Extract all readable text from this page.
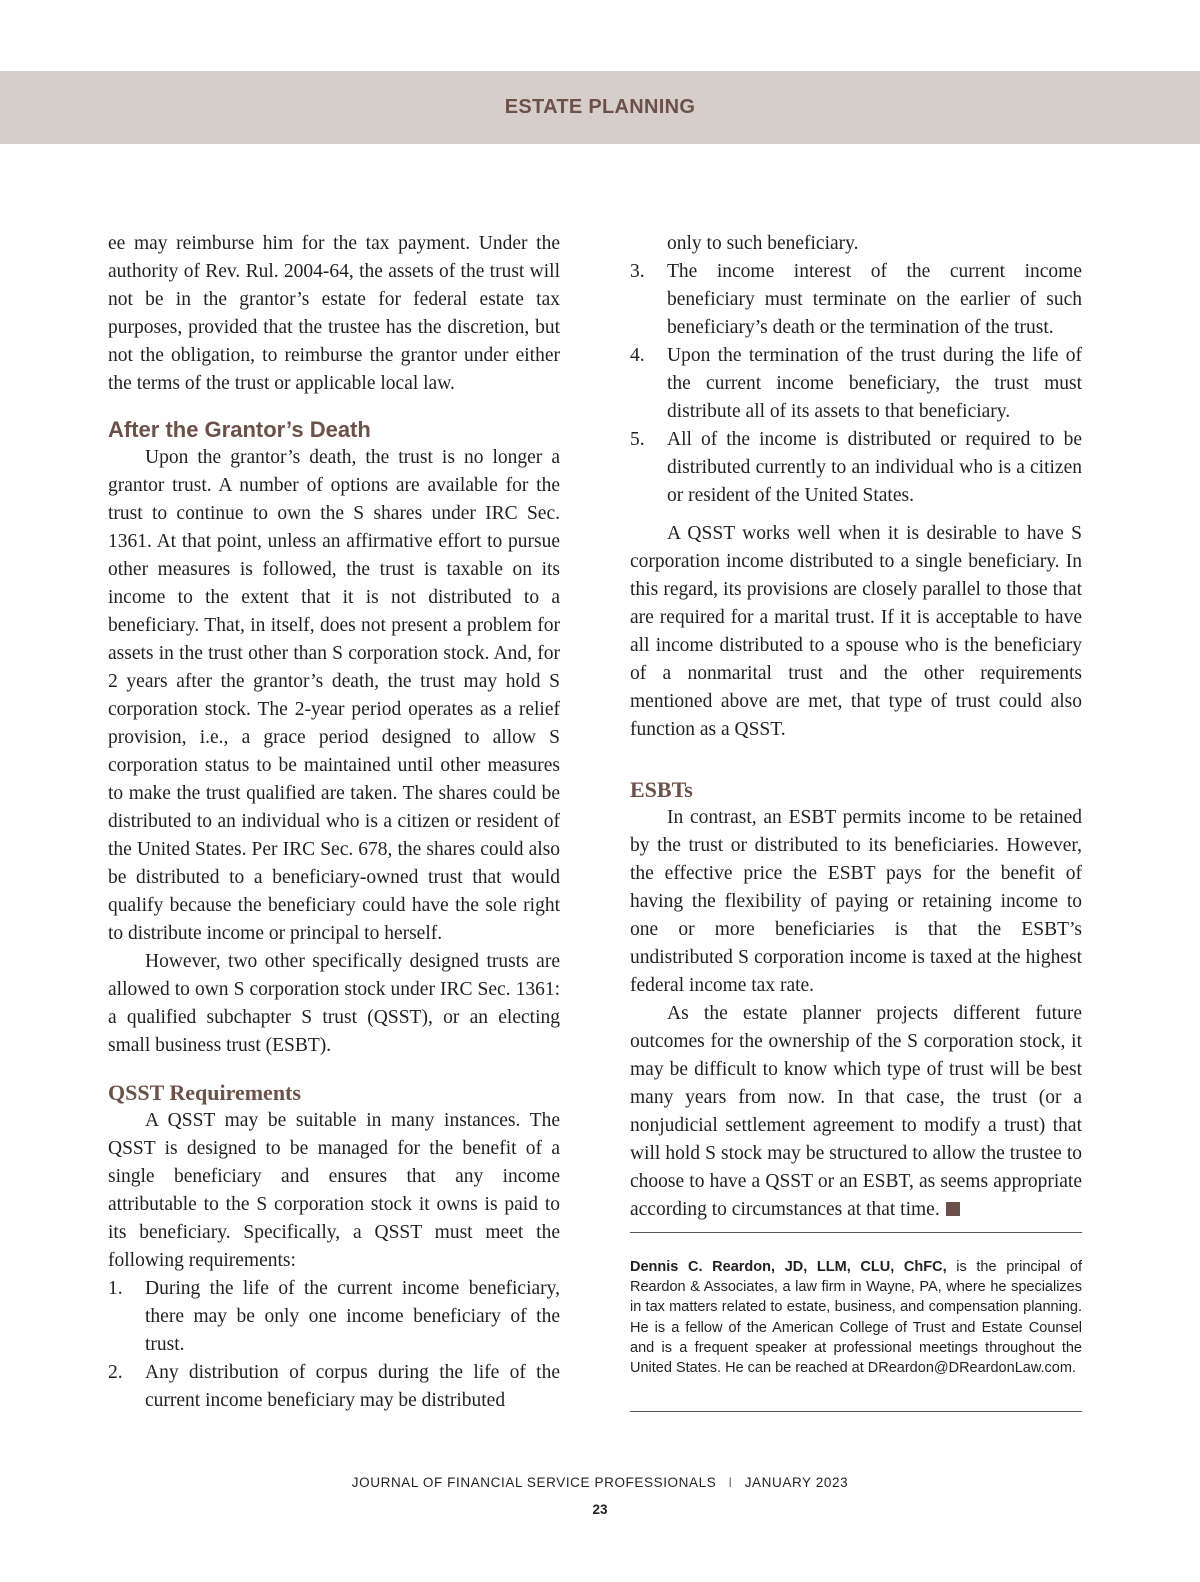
ESTATE PLANNING

ee may reimburse him for the tax payment. Under the authority of Rev. Rul. 2004-64, the assets of the trust will not be in the grantor’s estate for federal estate tax purposes, provided that the trustee has the discretion, but not the obligation, to reimburse the grantor under either the terms of the trust or applicable local law.

After the Grantor’s Death

Upon the grantor’s death, the trust is no longer a grantor trust. A number of options are available for the trust to continue to own the S shares under IRC Sec. 1361. At that point, unless an affirmative effort to pursue other measures is followed, the trust is taxable on its income to the extent that it is not distributed to a beneficiary. That, in itself, does not present a problem for assets in the trust other than S corporation stock. And, for 2 years after the grantor’s death, the trust may hold S corporation stock. The 2-year period operates as a relief provision, i.e., a grace period designed to allow S corporation status to be maintained until other measures to make the trust qualified are taken. The shares could be distributed to an individual who is a citizen or resident of the United States. Per IRC Sec. 678, the shares could also be distributed to a beneficiary-owned trust that would qualify because the beneficiary could have the sole right to distribute income or principal to herself.

However, two other specifically designed trusts are allowed to own S corporation stock under IRC Sec. 1361: a qualified subchapter S trust (QSST), or an electing small business trust (ESBT).

QSST Requirements

A QSST may be suitable in many instances. The QSST is designed to be managed for the benefit of a single beneficiary and ensures that any income attributable to the S corporation stock it owns is paid to its beneficiary. Specifically, a QSST must meet the following requirements:

1. During the life of the current income beneficiary, there may be only one income beneficiary of the trust.
2. Any distribution of corpus during the life of the current income beneficiary may be distributed

only to such beneficiary.

3. The income interest of the current income beneficiary must terminate on the earlier of such beneficiary’s death or the termination of the trust.
4. Upon the termination of the trust during the life of the current income beneficiary, the trust must distribute all of its assets to that beneficiary.
5. All of the income is distributed or required to be distributed currently to an individual who is a citizen or resident of the United States.

A QSST works well when it is desirable to have S corporation income distributed to a single beneficiary. In this regard, its provisions are closely parallel to those that are required for a marital trust. If it is acceptable to have all income distributed to a spouse who is the beneficiary of a nonmarital trust and the other requirements mentioned above are met, that type of trust could also function as a QSST.

ESBTs

In contrast, an ESBT permits income to be retained by the trust or distributed to its beneficiaries. However, the effective price the ESBT pays for the benefit of having the flexibility of paying or retaining income to one or more beneficiaries is that the ESBT’s undistributed S corporation income is taxed at the highest federal income tax rate.

As the estate planner projects different future outcomes for the ownership of the S corporation stock, it may be difficult to know which type of trust will be best many years from now. In that case, the trust (or a nonjudicial settlement agreement to modify a trust) that will hold S stock may be structured to allow the trustee to choose to have a QSST or an ESBT, as seems appropriate according to circumstances at that time.

Dennis C. Reardon, JD, LLM, CLU, ChFC, is the principal of Reardon & Associates, a law firm in Wayne, PA, where he specializes in tax matters related to estate, business, and compensation planning. He is a fellow of the American College of Trust and Estate Counsel and is a frequent speaker at professional meetings throughout the United States. He can be reached at DReardon@DReardonLaw.com.
JOURNAL OF FINANCIAL SERVICE PROFESSIONALS I JANUARY 2023
23
